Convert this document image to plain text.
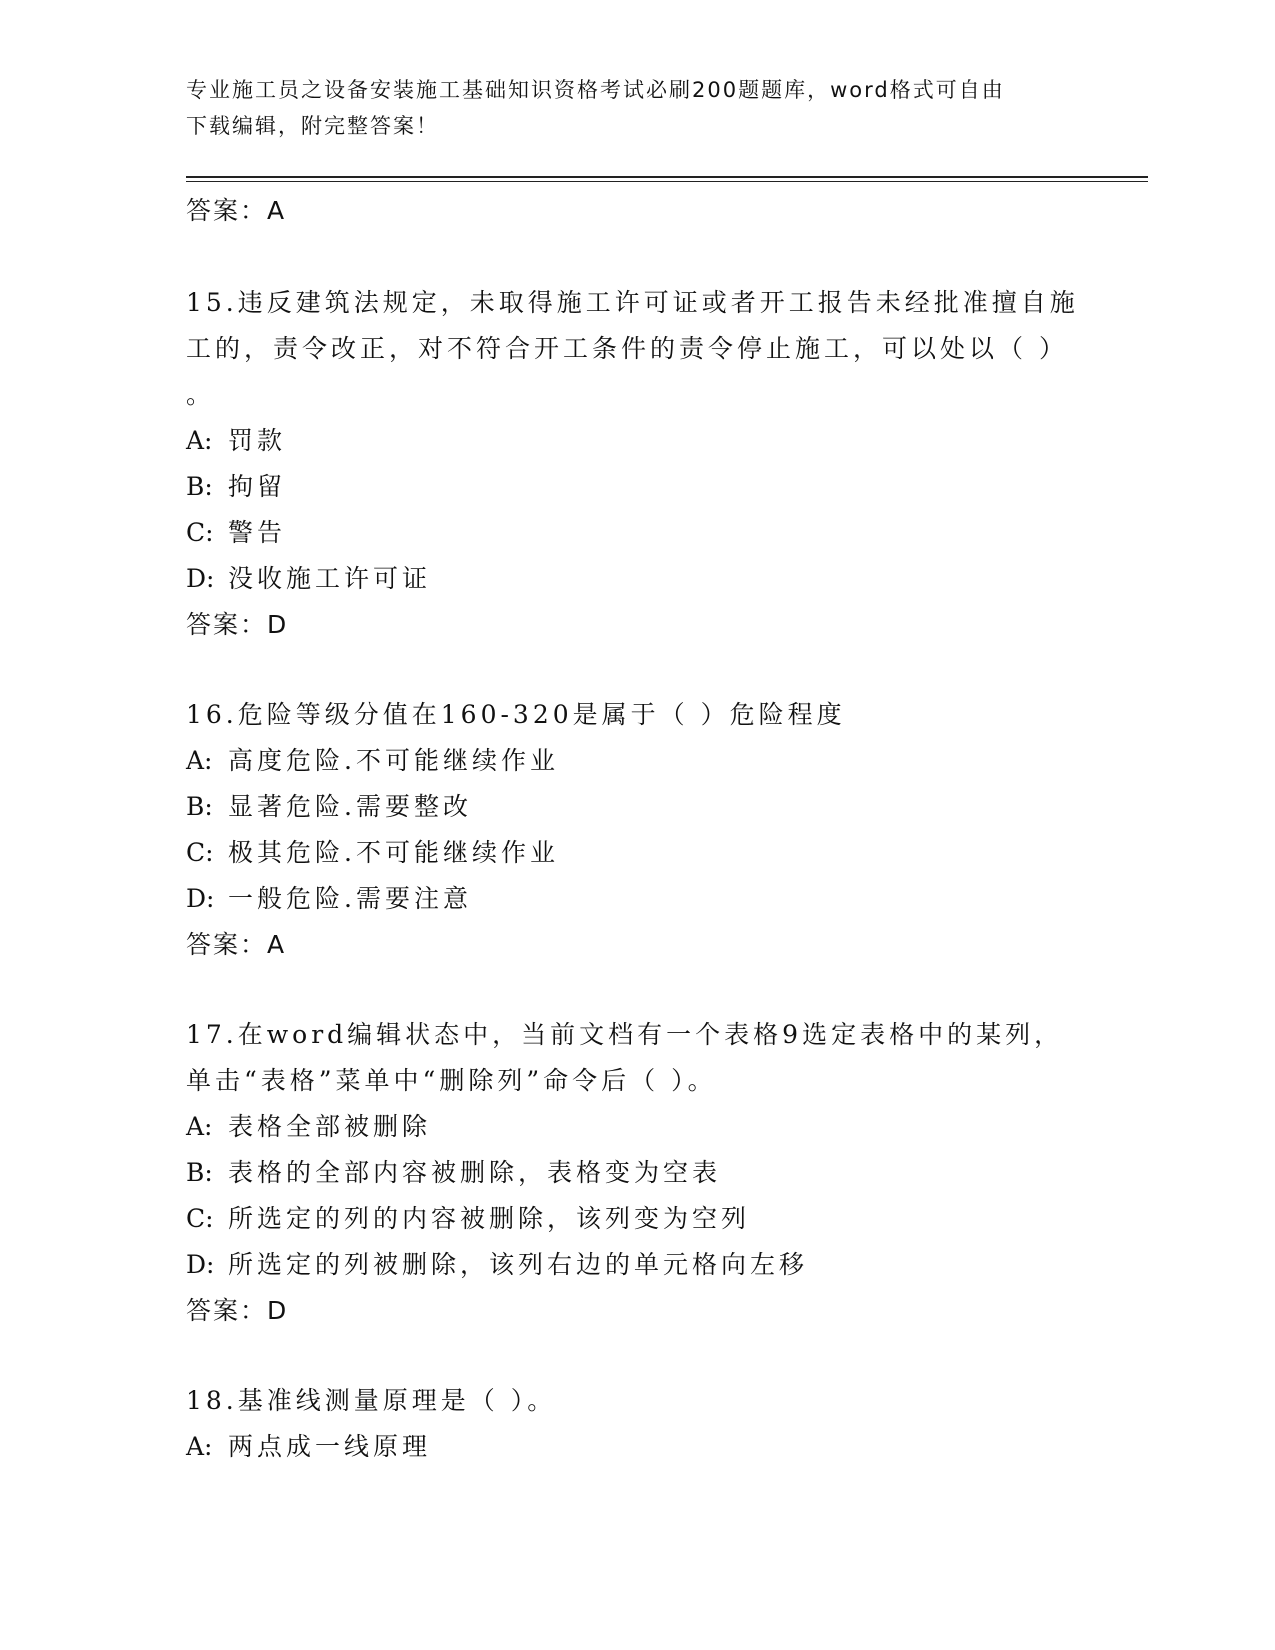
专业施工员之设备安装施工基础知识资格考试必刷200题题库，word格式可自由
下载编辑，附完整答案！
答案：A
15.违反建筑法规定，未取得施工许可证或者开工报告未经批准擅自施
工的，责令改正，对不符合开工条件的责令停止施工，可以处以（ ）
。
A: 罚款
B: 拘留
C: 警告
D: 没收施工许可证
答案：D
16.危险等级分值在160-320是属于（ ）危险程度
A: 高度危险.不可能继续作业
B: 显著危险.需要整改
C: 极其危险.不可能继续作业
D: 一般危险.需要注意
答案：A
17.在word编辑状态中，当前文档有一个表格9选定表格中的某列，
单击“表格”菜单中“删除列”命令后（ ）。
A: 表格全部被删除
B: 表格的全部内容被删除，表格变为空表
C: 所选定的列的内容被删除，该列变为空列
D: 所选定的列被删除，该列右边的单元格向左移
答案：D
18.基准线测量原理是（ ）。
A: 两点成一线原理
